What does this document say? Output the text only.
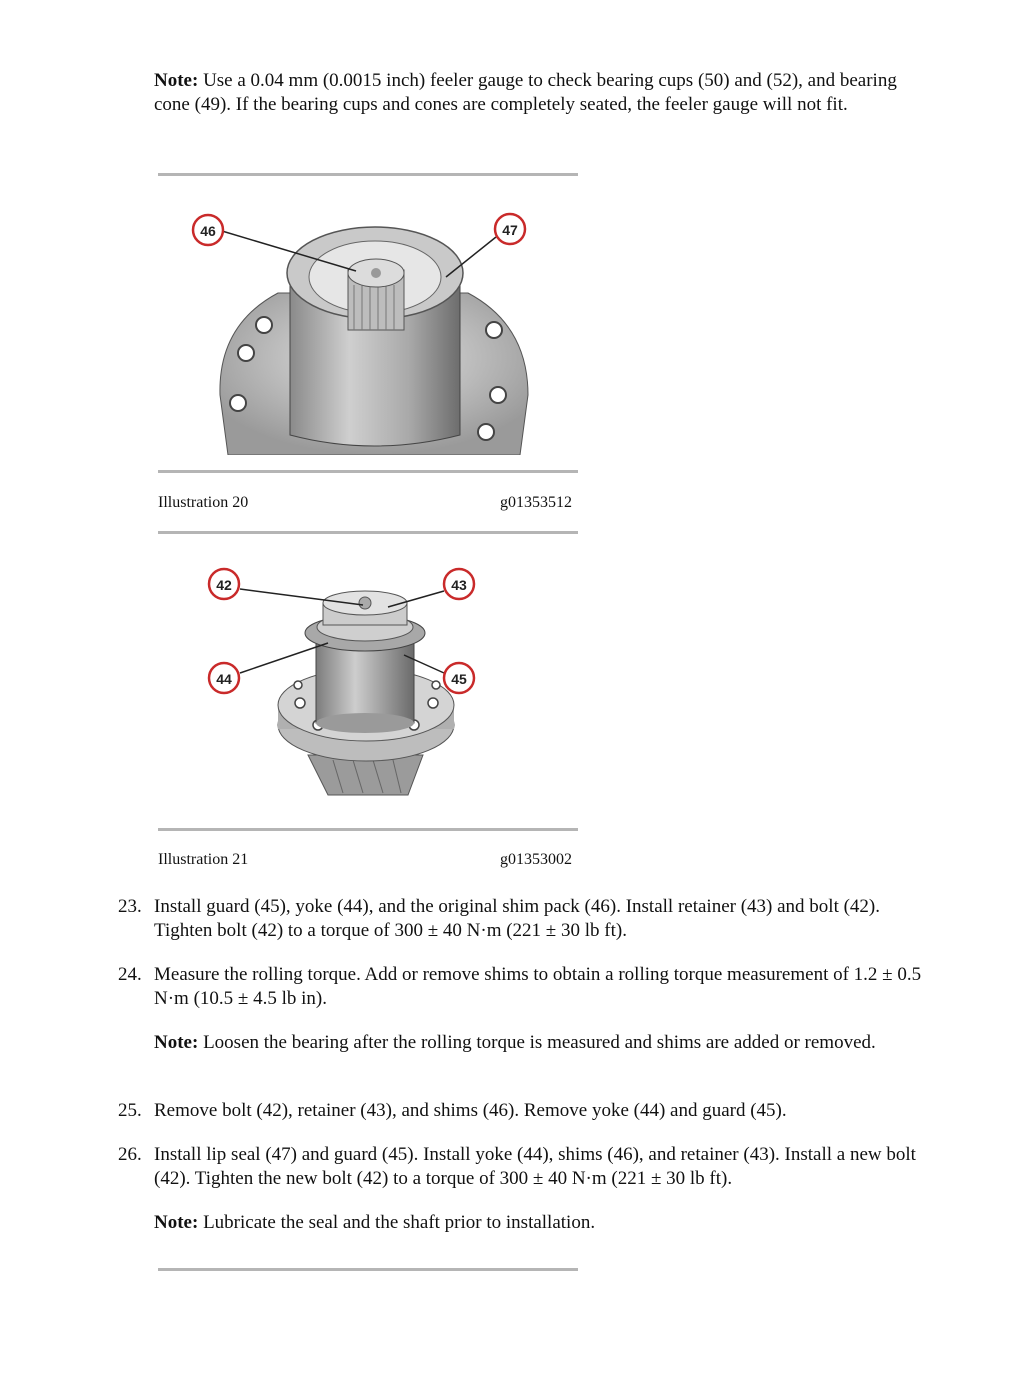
Note: Use a 0.04 mm (0.0015 inch) feeler gauge to check bearing cups (50) and (52), and bearing cone (49). If the bearing cups and cones are completely seated, the feeler gauge will not fit.
46	47
Illustration 20	g01353512
42	43
44	45
Illustration 21	g01353002
23. Install guard (45), yoke (44), and the original shim pack (46). Install retainer (43) and bolt (42). Tighten bolt (42) to a torque of 300 ± 40 N·m (221 ± 30 lb ft).
24. Measure the rolling torque. Add or remove shims to obtain a rolling torque measurement of 1.2 ± 0.5 N·m (10.5 ± 4.5 lb in).
Note: Loosen the bearing after the rolling torque is measured and shims are added or removed.
25. Remove bolt (42), retainer (43), and shims (46). Remove yoke (44) and guard (45).
26. Install lip seal (47) and guard (45). Install yoke (44), shims (46), and retainer (43). Install a new bolt (42). Tighten the new bolt (42) to a torque of 300 ± 40 N·m (221 ± 30 lb ft).
Note: Lubricate the seal and the shaft prior to installation.
